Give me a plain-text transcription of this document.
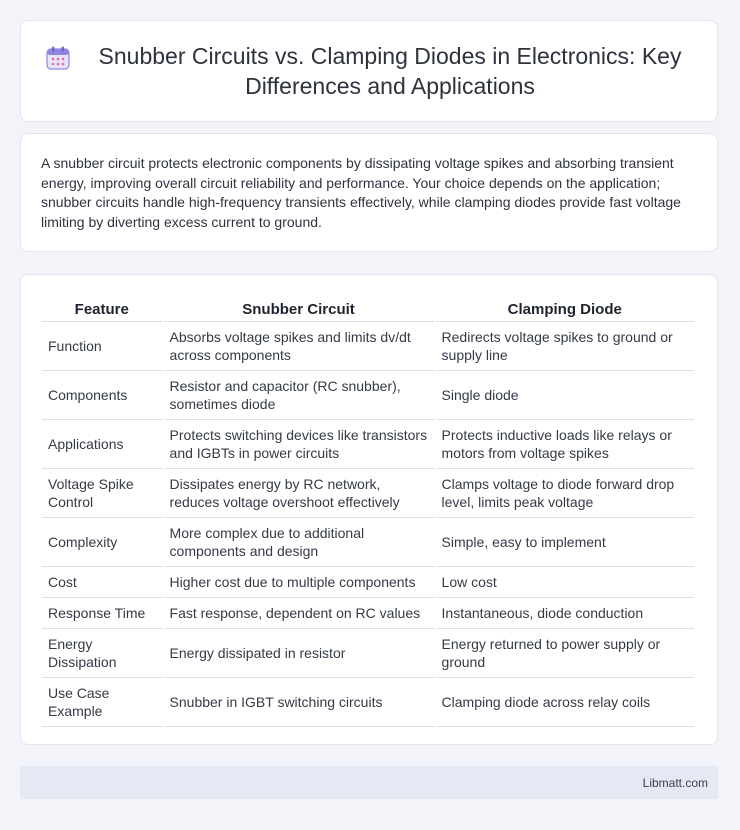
Snubber Circuits vs. Clamping Diodes in Electronics: Key Differences and Applications

A snubber circuit protects electronic components by dissipating voltage spikes and absorbing transient energy, improving overall circuit reliability and performance. Your choice depends on the application; snubber circuits handle high-frequency transients effectively, while clamping diodes provide fast voltage limiting by diverting excess current to ground.

Feature	Snubber Circuit	Clamping Diode
Function	Absorbs voltage spikes and limits dv/dt across components	Redirects voltage spikes to ground or supply line
Components	Resistor and capacitor (RC snubber), sometimes diode	Single diode
Applications	Protects switching devices like transistors and IGBTs in power circuits	Protects inductive loads like relays or motors from voltage spikes
Voltage Spike Control	Dissipates energy by RC network, reduces voltage overshoot effectively	Clamps voltage to diode forward drop level, limits peak voltage
Complexity	More complex due to additional components and design	Simple, easy to implement
Cost	Higher cost due to multiple components	Low cost
Response Time	Fast response, dependent on RC values	Instantaneous, diode conduction
Energy Dissipation	Energy dissipated in resistor	Energy returned to power supply or ground
Use Case Example	Snubber in IGBT switching circuits	Clamping diode across relay coils
Libmatt.com
